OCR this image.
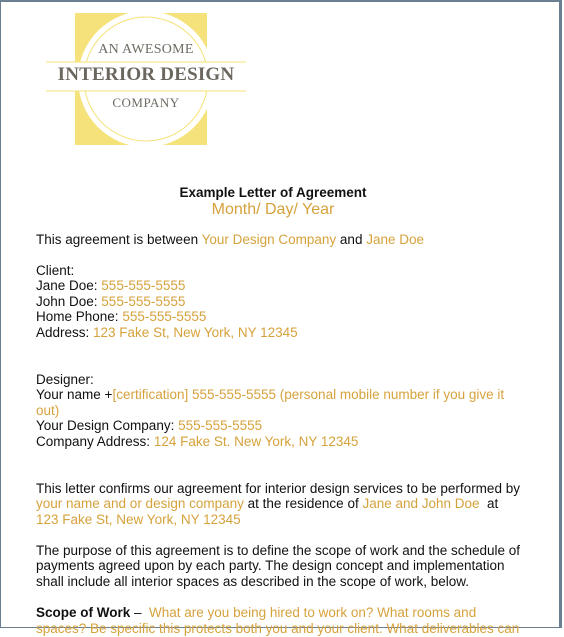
AN AWESOME
INTERIOR DESIGN
COMPANY
Example Letter of Agreement
Month/ Day/ Year
This agreement is between Your Design Company and Jane Doe
Client:
Jane Doe: 555-555-5555
John Doe: 555-555-5555
Home Phone: 555-555-5555
Address: 123 Fake St, New York, NY 12345
Designer:
Your name +[certification] 555-555-5555 (personal mobile number if you give it
out)
Your Design Company: 555-555-5555
Company Address: 124 Fake St. New York, NY 12345
This letter confirms our agreement for interior design services to be performed by
your name and or design company at the residence of Jane and John Doe  at
123 Fake St, New York, NY 12345
The purpose of this agreement is to define the scope of work and the schedule of
payments agreed upon by each party. The design concept and implementation
shall include all interior spaces as described in the scope of work, below.
Scope of Work –  What are you being hired to work on? What rooms and
spaces? Be specific this protects both you and your client. What deliverables can
